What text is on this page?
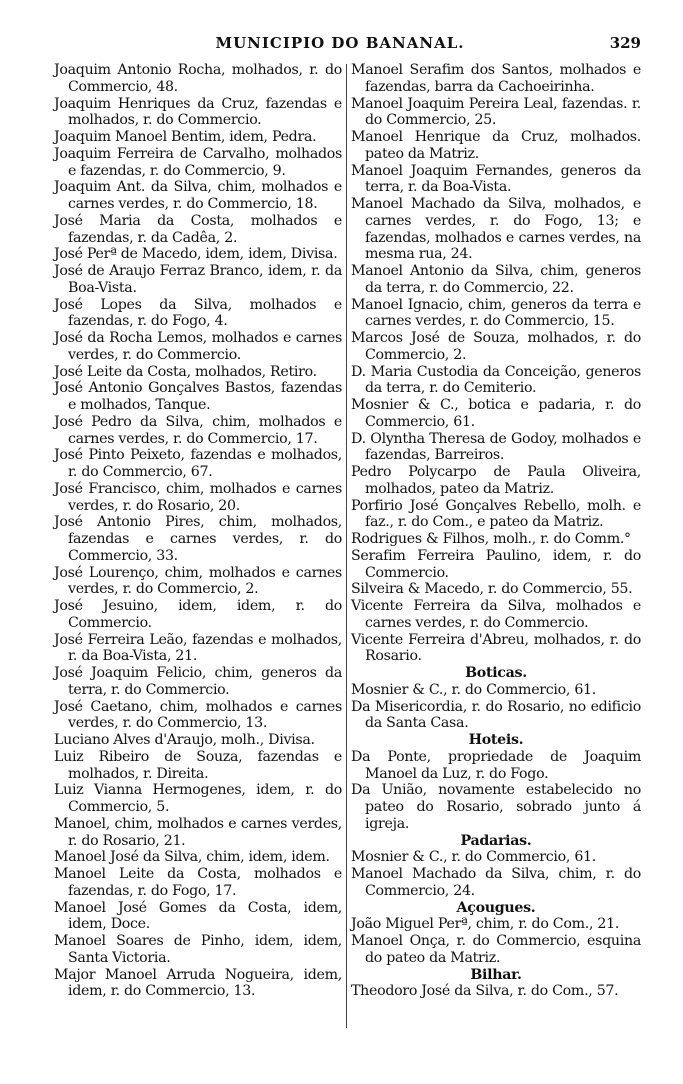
MUNICIPIO DO BANANAL.	329
Joaquim Antonio Rocha, molhados, r. do Commercio, 48.
Joaquim Henriques da Cruz, fazendas e molhados, r. do Commercio.
Joaquim Manoel Bentim, idem, Pedra.
Joaquim Ferreira de Carvalho, molhados e fazendas, r. do Commercio, 9.
Joaquim Ant. da Silva, chim, molhados e carnes verdes, r. do Commercio, 18.
José Maria da Costa, molhados e fazendas, r. da Cadêa, 2.
José Perª de Macedo, idem, idem, Divisa.
José de Araujo Ferraz Branco, idem, r. da Boa-Vista.
José Lopes da Silva, molhados e fazendas, r. do Fogo, 4.
José da Rocha Lemos, molhados e carnes verdes, r. do Commercio.
José Leite da Costa, molhados, Retiro.
José Antonio Gonçalves Bastos, fazendas e molhados, Tanque.
José Pedro da Silva, chim, molhados e carnes verdes, r. do Commercio, 17.
José Pinto Peixeto, fazendas e molhados, r. do Commercio, 67.
José Francisco, chim, molhados e carnes verdes, r. do Rosario, 20.
José Antonio Pires, chim, molhados, fazendas e carnes verdes, r. do Commercio, 33.
José Lourenço, chim, molhados e carnes verdes, r. do Commercio, 2.
José Jesuino, idem, idem, r. do Commercio.
José Ferreira Leão, fazendas e molhados, r. da Boa-Vista, 21.
José Joaquim Felicio, chim, generos da terra, r. do Commercio.
José Caetano, chim, molhados e carnes verdes, r. do Commercio, 13.
Luciano Alves d'Araujo, molh., Divisa.
Luiz Ribeiro de Souza, fazendas e molhados, r. Direita.
Luiz Vianna Hermogenes, idem, r. do Commercio, 5.
Manoel, chim, molhados e carnes verdes, r. do Rosario, 21.
Manoel José da Silva, chim, idem, idem.
Manoel Leite da Costa, molhados e fazendas, r. do Fogo, 17.
Manoel José Gomes da Costa, idem, idem, Doce.
Manoel Soares de Pinho, idem, idem, Santa Victoria.
Major Manoel Arruda Nogueira, idem, idem, r. do Commercio, 13.
Manoel Serafim dos Santos, molhados e fazendas, barra da Cachoeirinha.
Manoel Joaquim Pereira Leal, fazendas. r. do Commercio, 25.
Manoel Henrique da Cruz, molhados. pateo da Matriz.
Manoel Joaquim Fernandes, generos da terra, r. da Boa-Vista.
Manoel Machado da Silva, molhados, e carnes verdes, r. do Fogo, 13; e fazendas, molhados e carnes verdes, na mesma rua, 24.
Manoel Antonio da Silva, chim, generos da terra, r. do Commercio, 22.
Manoel Ignacio, chim, generos da terra e carnes verdes, r. do Commercio, 15.
Marcos José de Souza, molhados, r. do Commercio, 2.
D. Maria Custodia da Conceição, generos da terra, r. do Cemiterio.
Mosnier & C., botica e padaria, r. do Commercio, 61.
D. Olyntha Theresa de Godoy, molhados e fazendas, Barreiros.
Pedro Polycarpo de Paula Oliveira, molhados, pateo da Matriz.
Porfirio José Gonçalves Rebello, molh. e faz., r. do Com., e pateo da Matriz.
Rodrigues & Filhos, molh., r. do Comm.°
Serafim Ferreira Paulino, idem, r. do Commercio.
Silveira & Macedo, r. do Commercio, 55.
Vicente Ferreira da Silva, molhados e carnes verdes, r. do Commercio.
Vicente Ferreira d'Abreu, molhados, r. do Rosario.
Boticas.
Mosnier & C., r. do Commercio, 61.
Da Misericordia, r. do Rosario, no edificio da Santa Casa.
Hoteis.
Da Ponte, propriedade de Joaquim Manoel da Luz, r. do Fogo.
Da União, novamente estabelecido no pateo do Rosario, sobrado junto á igreja.
Padarias.
Mosnier & C., r. do Commercio, 61.
Manoel Machado da Silva, chim, r. do Commercio, 24.
Açougues.
João Miguel Perª, chim, r. do Com., 21.
Manoel Onça, r. do Commercio, esquina do pateo da Matriz.
Bilhar.
Theodoro José da Silva, r. do Com., 57.
